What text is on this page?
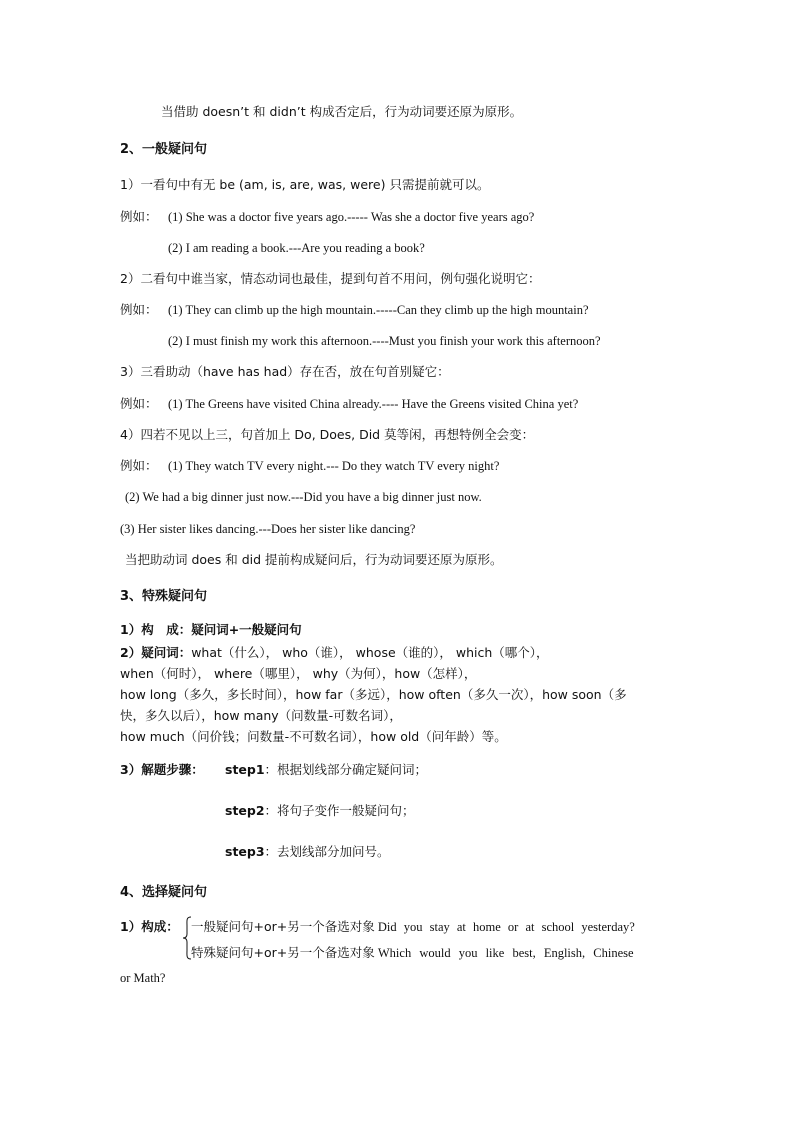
当借助 doesn’t 和 didn’t 构成否定后，行为动词要还原为原形。
2、一般疑问句
1）一看句中有无 be (am, is, are, was, were) 只需提前就可以。
例如： (1) She was a doctor five years ago.----- Was she a doctor five years ago?
(2) I am reading a book.---Are you reading a book?
2）二看句中谁当家，情态动词也最佳，提到句首不用问，例句强化说明它：
例如： (1) They can climb up the high mountain.-----Can they climb up the high mountain?
(2) I must finish my work this afternoon.----Must you finish your work this afternoon?
3）三看助动（have has had）存在否，放在句首别疑它：
例如： (1) The Greens have visited China already.---- Have the Greens visited China yet?
4）四若不见以上三，句首加上 Do, Does, Did 莫等闲，再想特例全会变：
例如： (1) They watch TV every night.--- Do they watch TV every night?
(2) We had a big dinner just now.---Did you have a big dinner just now.
(3) Her sister likes dancing.---Does her sister like dancing?
当把助动词 does 和 did 提前构成疑问后，行为动词要还原为原形。
3、特殊疑问句
1）构　成：疑问词+一般疑问句
2）疑问词：what（什么）， who（谁）， whose（谁的）， which（哪个），
when（何时）， where（哪里）， why（为何），how（怎样），
how long（多久，多长时间），how far（多远），how often（多久一次），how soon（多
快，多久以后），how many（问数量-可数名词），
how much（问价钱；问数量-不可数名词），how old（问年龄）等。
3）解题步骤： step1：根据划线部分确定疑问词；
step2：将句子变作一般疑问句；
step3：去划线部分加问号。
4、选择疑问句
1）构成： 一般疑问句+or+另一个备选对象 Did you stay at home or at school yesterday?
特殊疑问句+or+另一个备选对象 Which would you like best, English, Chinese
or Math?
